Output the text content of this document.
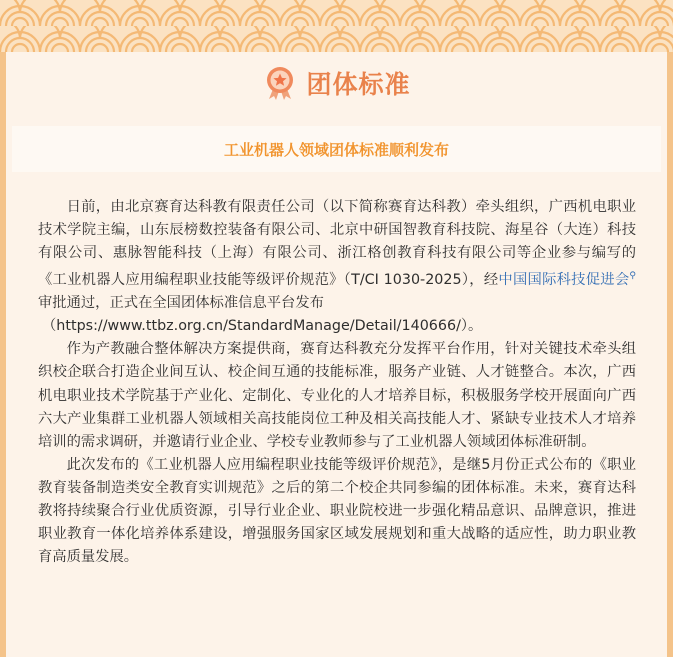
团体标准
工业机器人领域团体标准顺利发布

日前，由北京赛育达科教有限责任公司（以下简称赛育达科教）牵头组织，广西机电职业技术学院主编，山东辰榜数控装备有限公司、北京中研国智教育科技院、海星谷（大连）科技有限公司、惠脉智能科技（上海）有限公司、浙江格创教育科技有限公司等企业参与编写的《工业机器人应用编程职业技能等级评价规范》（T/CI 1030-2025），经中国国际科技促进会⚲审批通过，正式在全国团体标准信息平台发布
（https://www.ttbz.org.cn/StandardManage/Detail/140666/）。

作为产教融合整体解决方案提供商，赛育达科教充分发挥平台作用，针对关键技术牵头组织校企联合打造企业间互认、校企间互通的技能标准，服务产业链、人才链整合。本次，广西机电职业技术学院基于产业化、定制化、专业化的人才培养目标，积极服务学校开展面向广西六大产业集群工业机器人领域相关高技能岗位工种及相关高技能人才、紧缺专业技术人才培养培训的需求调研，并邀请行业企业、学校专业教师参与了工业机器人领域团体标准研制。

此次发布的《工业机器人应用编程职业技能等级评价规范》，是继5月份正式公布的《职业教育装备制造类安全教育实训规范》之后的第二个校企共同参编的团体标准。未来，赛育达科教将持续聚合行业优质资源，引导行业企业、职业院校进一步强化精品意识、品牌意识，推进职业教育一体化培养体系建设，增强服务国家区域发展规划和重大战略的适应性，助力职业教育高质量发展。
